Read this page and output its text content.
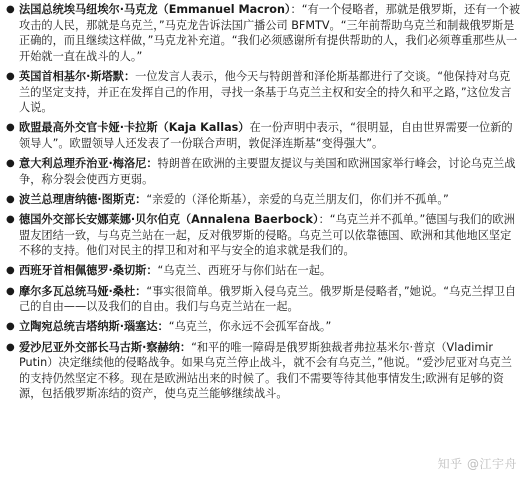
● 法国总统埃马纽埃尔·马克龙（Emmanuel Macron）：“有一个侵略者，那就是俄罗斯，还有一个被攻击的人民，那就是乌克兰，”马克龙告诉法国广播公司 BFMTV。“三年前帮助乌克兰和制裁俄罗斯是正确的，而且继续这样做，”马克龙补充道。“我们必须感谢所有提供帮助的人，我们必须尊重那些从一开始就一直在战斗的人。”
● 英国首相基尔·斯塔默：一位发言人表示，他今天与特朗普和泽伦斯基都进行了交谈。“他保持对乌克兰的坚定支持，并正在发挥自己的作用，寻找一条基于乌克兰主权和安全的持久和平之路，”这位发言人说。
● 欧盟最高外交官卡娅·卡拉斯（Kaja Kallas）在一份声明中表示，“很明显，自由世界需要一位新的领导人”。欧盟领导人还发表了一份联合声明，敦促泽连斯基“变得强大”。
● 意大利总理乔治亚·梅洛尼：特朗普在欧洲的主要盟友提议与美国和欧洲国家举行峰会，讨论乌克兰战争，称分裂会使西方更弱。
● 波兰总理唐纳德·图斯克：“亲爱的（泽伦斯基），亲爱的乌克兰朋友们，你们并不孤单。”
● 德国外交部长安娜莱娜·贝尔伯克（Annalena Baerbock）：“乌克兰并不孤单。”德国与我们的欧洲盟友团结一致，与乌克兰站在一起，反对俄罗斯的侵略。乌克兰可以依靠德国、欧洲和其他地区坚定不移的支持。他们对民主的捍卫和对和平与安全的追求就是我们的。
● 西班牙首相佩德罗·桑切斯：“乌克兰、西班牙与你们站在一起。
● 摩尔多瓦总统马娅·桑杜：“事实很简单。俄罗斯入侵乌克兰。俄罗斯是侵略者，”她说。“乌克兰捍卫自己的自由——以及我们的自由。我们与乌克兰站在一起。
● 立陶宛总统吉塔纳斯·瑙塞达：“乌克兰，你永远不会孤军奋战。”
● 爱沙尼亚外交部长马古斯·察赫纳：“和平的唯一障碍是俄罗斯独裁者弗拉基米尔·普京（Vladimir Putin）决定继续他的侵略战争。如果乌克兰停止战斗，就不会有乌克兰，”他说。“爱沙尼亚对乌克兰的支持仍然坚定不移。现在是欧洲站出来的时候了。我们不需要等待其他事情发生;欧洲有足够的资源，包括俄罗斯冻结的资产，使乌克兰能够继续战斗。
知乎 @江宇舟
